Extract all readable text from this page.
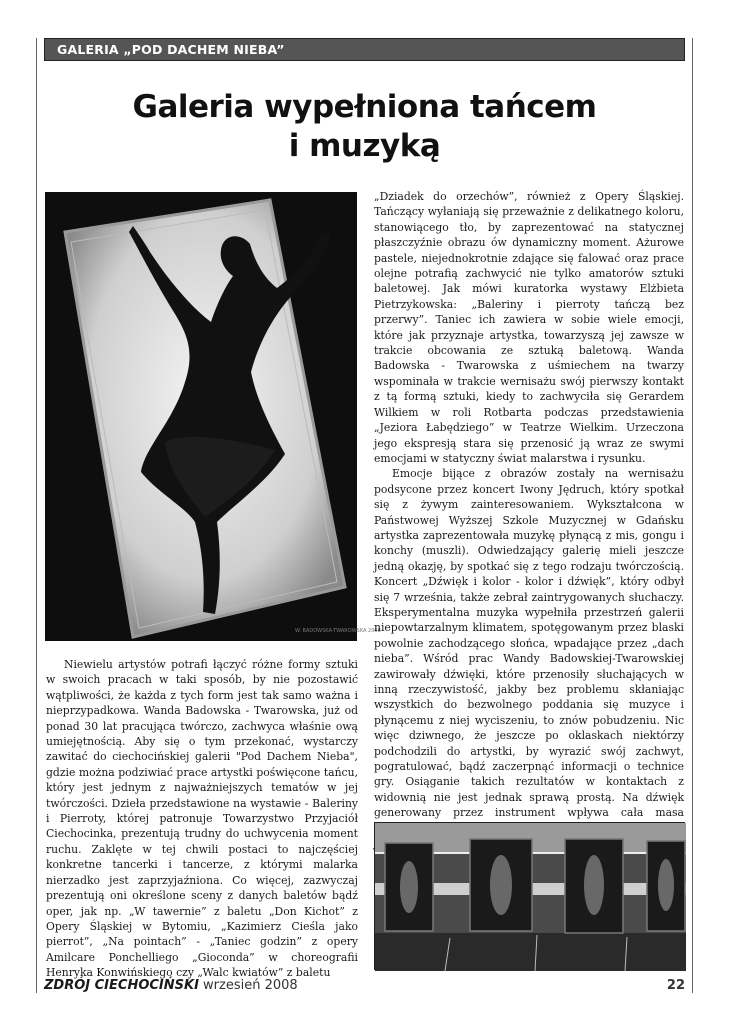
GALERIA „POD DACHEM NIEBA”
Galeria wypełniona tańcem
i muzyką
W. BADOWSKA-TWAROWSKA 2008

„Dziadek do orzechów”, również z Opery Śląskiej. Tańczący wyłaniają się przeważnie z delikatnego koloru, stanowiącego tło, by zaprezentować na statycznej płaszczyźnie obrazu ów dynamiczny moment. Ażurowe pastele, niejednokrotnie zdające się falować oraz prace olejne potrafią zachwycić nie tylko amatorów sztuki baletowej. Jak mówi kuratorka wystawy Elżbieta Pietrzykowska: „Baleriny i pierroty tańczą bez przerwy”. Taniec ich zawiera w sobie wiele emocji, które jak przyznaje artystka, towarzyszą jej zawsze w trakcie obcowania ze sztuką baletową. Wanda Badowska - Twarowska z uśmiechem na twarzy wspominała w trakcie wernisażu swój pierwszy kontakt z tą formą sztuki, kiedy to zachwyciła się Gerardem Wilkiem w roli Rotbarta podczas przedstawienia „Jeziora Łabędziego” w Teatrze Wielkim. Urzeczona jego ekspresją stara się przenosić ją wraz ze swymi emocjami w statyczny świat malarstwa i rysunku.

Emocje bijące z obrazów zostały na wernisażu podsycone przez koncert Iwony Jędruch, który spotkał się z żywym zainteresowaniem. Wykształcona w Państwowej Wyższej Szkole Muzycznej w Gdańsku artystka zaprezentowała muzykę płynącą z mis, gongu i konchy (muszli). Odwiedzający galerię mieli jeszcze jedną okazję, by spotkać się z tego rodzaju twórczością. Koncert „Dźwięk i kolor - kolor i dźwięk”, który odbył się 7 września, także zebrał zaintrygowanych słuchaczy. Eksperymentalna muzyka wypełniła przestrzeń galerii niepowtarzalnym klimatem, spotęgowanym przez blaski powolnie zachodzącego słońca, wpadające przez „dach nieba”. Wśród prac Wandy Badowskiej-Twarowskiej zawirowały dźwięki, które przenosiły słuchających w inną rzeczywistość, jakby bez problemu skłaniając wszystkich do bezwolnego poddania się muzyce i płynącemu z niej wyciszeniu, to znów pobudzeniu. Nic więc dziwnego, że jeszcze po oklaskach niektórzy podchodzili do artystki, by wyrazić swój zachwyt, pogratulować, bądź zaczerpnąć informacji o technice gry. Osiąganie takich rezultatów w kontaktach z widownią nie jest jednak sprawą prostą. Na dźwięk generowany przez instrument wpływa cała masa

Niewielu artystów potrafi łączyć różne formy sztuki w swoich pracach w taki sposób, by nie pozostawić wątpliwości, że każda z tych form jest tak samo ważna i nieprzypadkowa. Wanda Badowska - Twarowska, już od ponad 30 lat pracująca twórczo, zachwyca właśnie ową umiejętnością. Aby się o tym przekonać, wystarczy zawitać do ciechocińskiej galerii "Pod Dachem Nieba", gdzie można podziwiać prace artystki poświęcone tańcu, który jest jednym z najważniejszych tematów w jej twórczości. Dzieła przedstawione na wystawie - Baleriny i Pierroty, której patronuje Towarzystwo Przyjaciół Ciechocinka, prezentują trudny do uchwycenia moment ruchu. Zaklęte w tej chwili postaci to najczęściej konkretne tancerki i tancerze, z którymi malarka nierzadko jest zaprzyjaźniona. Co więcej, zazwyczaj prezentują oni określone sceny z danych baletów bądź oper, jak np. „W tawernie” z baletu „Don Kichot” z Opery Śląskiej w Bytomiu, „Kazimierz Cieśla jako pierrot”, „Na pointach” - „Taniec godzin” z opery Amilcare Ponchelliego „Gioconda” w choreografii Henryka Konwińskiego czy „Walc kwiatów” z baletu

ZDRÓJ CIECHOCIŃSKI wrzesień 2008	22
